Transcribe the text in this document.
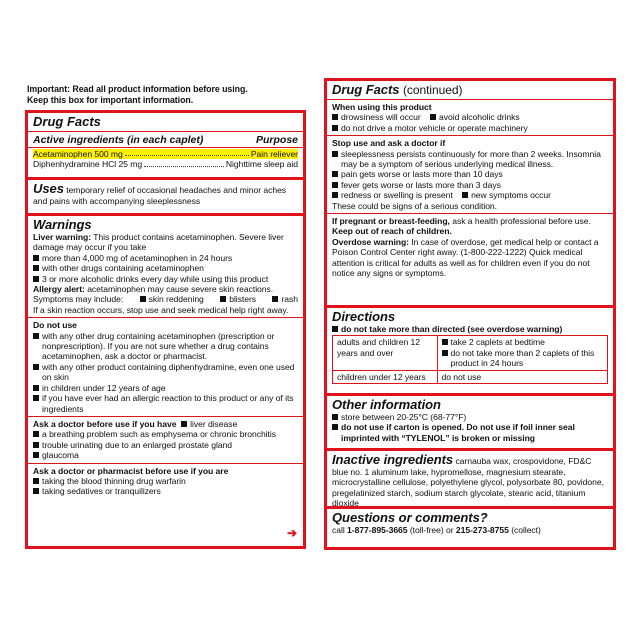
Important: Read all product information before using.
Keep this box for important information.
Drug Facts
Active ingredients (in each caplet)	Purpose
Acetaminophen 500 mg	Pain reliever
Diphenhydramine HCl 25 mg	Nighttime sleep aid
Uses temporary relief of occasional headaches and minor aches and pains with accompanying sleeplessness
Warnings
Liver warning: This product contains acetaminophen. Severe liver damage may occur if you take
more than 4,000 mg of acetaminophen in 24 hours
with other drugs containing acetaminophen
3 or more alcoholic drinks every day while using this product
Allergy alert: acetaminophen may cause severe skin reactions.
Symptoms may include:	skin reddening	blisters	rash
If a skin reaction occurs, stop use and seek medical help right away.
Do not use
with any other drug containing acetaminophen (prescription or nonprescription). If you are not sure whether a drug contains acetaminophen, ask a doctor or pharmacist.
with any other product containing diphenhydramine, even one used on skin
in children under 12 years of age
if you have ever had an allergic reaction to this product or any of its ingredients
Ask a doctor before use if you have liver disease
a breathing problem such as emphysema or chronic bronchitis
trouble urinating due to an enlarged prostate gland
glaucoma
Ask a doctor or pharmacist before use if you are
taking the blood thinning drug warfarin
taking sedatives or tranquilizers
➔
Drug Facts (continued)
When using this product
drowsiness will occur avoid alcoholic drinks
do not drive a motor vehicle or operate machinery
Stop use and ask a doctor if
sleeplessness persists continuously for more than 2 weeks. Insomnia may be a symptom of serious underlying medical illness.
pain gets worse or lasts more than 10 days
fever gets worse or lasts more than 3 days
redness or swelling is present new symptoms occur
These could be signs of a serious condition.
If pregnant or breast-feeding, ask a health professional before use.
Keep out of reach of children.
Overdose warning: In case of overdose, get medical help or contact a Poison Control Center right away. (1-800-222-1222) Quick medical attention is critical for adults as well as for children even if you do not notice any signs or symptoms.
Directions
do not take more than directed (see overdose warning)
adults and children 12 years and over	take 2 caplets at bedtime
do not take more than 2 caplets of this product in 24 hours

children under 12 years	do not use
Other information
store between 20-25°C (68-77°F)
do not use if carton is opened. Do not use if foil inner seal imprinted with “TYLENOL” is broken or missing
Inactive ingredients carnauba wax, crospovidone, FD&C blue no. 1 aluminum lake, hypromellose, magnesium stearate, microcrystalline cellulose, polyethylene glycol, polysorbate 80, povidone, pregelatinized starch, sodium starch glycolate, stearic acid, titanium dioxide
Questions or comments?
call 1-877-895-3665 (toll-free) or 215-273-8755 (collect)
